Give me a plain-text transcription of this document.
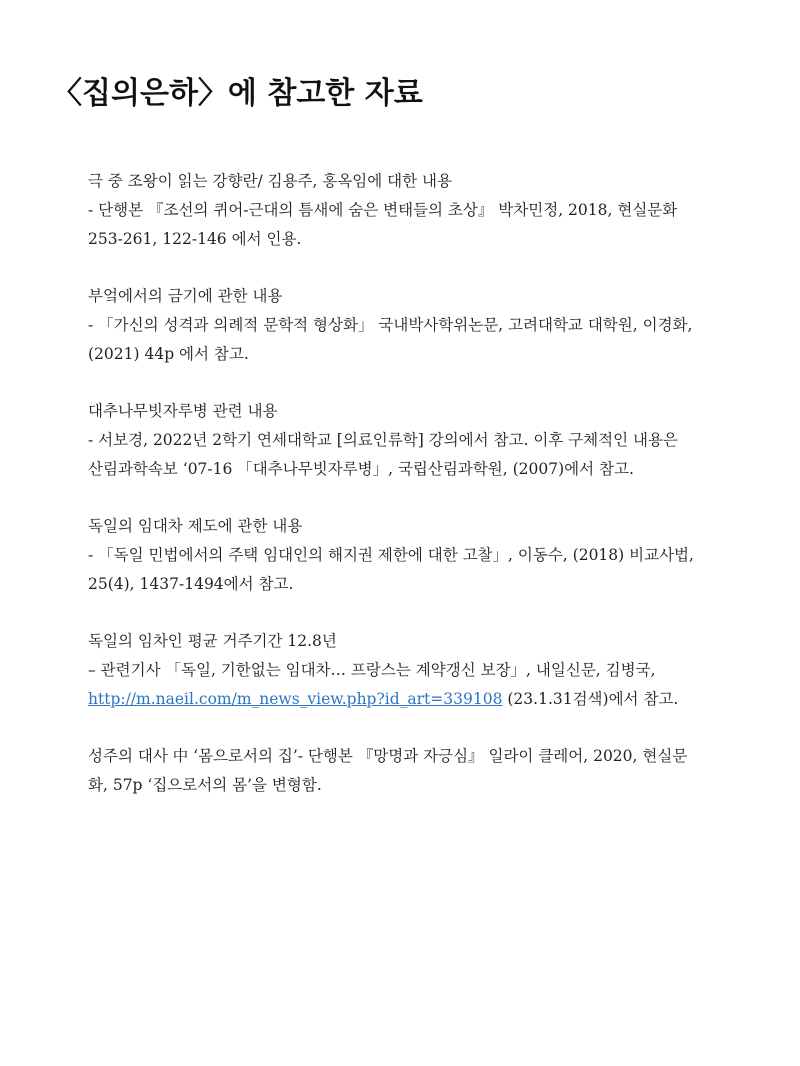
〈집의은하〉에 참고한 자료
극 중 조왕이 읽는 강향란/ 김용주, 홍옥임에 대한 내용
- 단행본 『조선의 퀴어-근대의 틈새에 숨은 변태들의 초상』 박차민정, 2018, 현실문화
253-261, 122-146 에서 인용.
부엌에서의 금기에 관한 내용
- 「가신의 성격과 의례적 문학적 형상화」 국내박사학위논문, 고려대학교 대학원, 이경화,
(2021) 44p 에서 참고.
대추나무빗자루병 관련 내용
- 서보경, 2022년 2학기 연세대학교 [의료인류학] 강의에서 참고. 이후 구체적인 내용은
산림과학속보 ‘07-16 「대추나무빗자루병」, 국립산림과학원, (2007)에서 참고.
독일의 임대차 제도에 관한 내용
- 「독일 민법에서의 주택 임대인의 해지권 제한에 대한 고찰」, 이동수, (2018) 비교사법,
25(4), 1437-1494에서 참고.
독일의 임차인 평균 거주기간 12.8년
– 관련기사 「독일, 기한없는 임대차… 프랑스는 계약갱신 보장」, 내일신문, 김병국,
http://m.naeil.com/m_news_view.php?id_art=339108 (23.1.31검색)에서 참고.
성주의 대사 中 ‘몸으로서의 집’- 단행본 『망명과 자긍심』 일라이 클레어, 2020, 현실문
화, 57p ‘집으로서의 몸’을 변형함.
